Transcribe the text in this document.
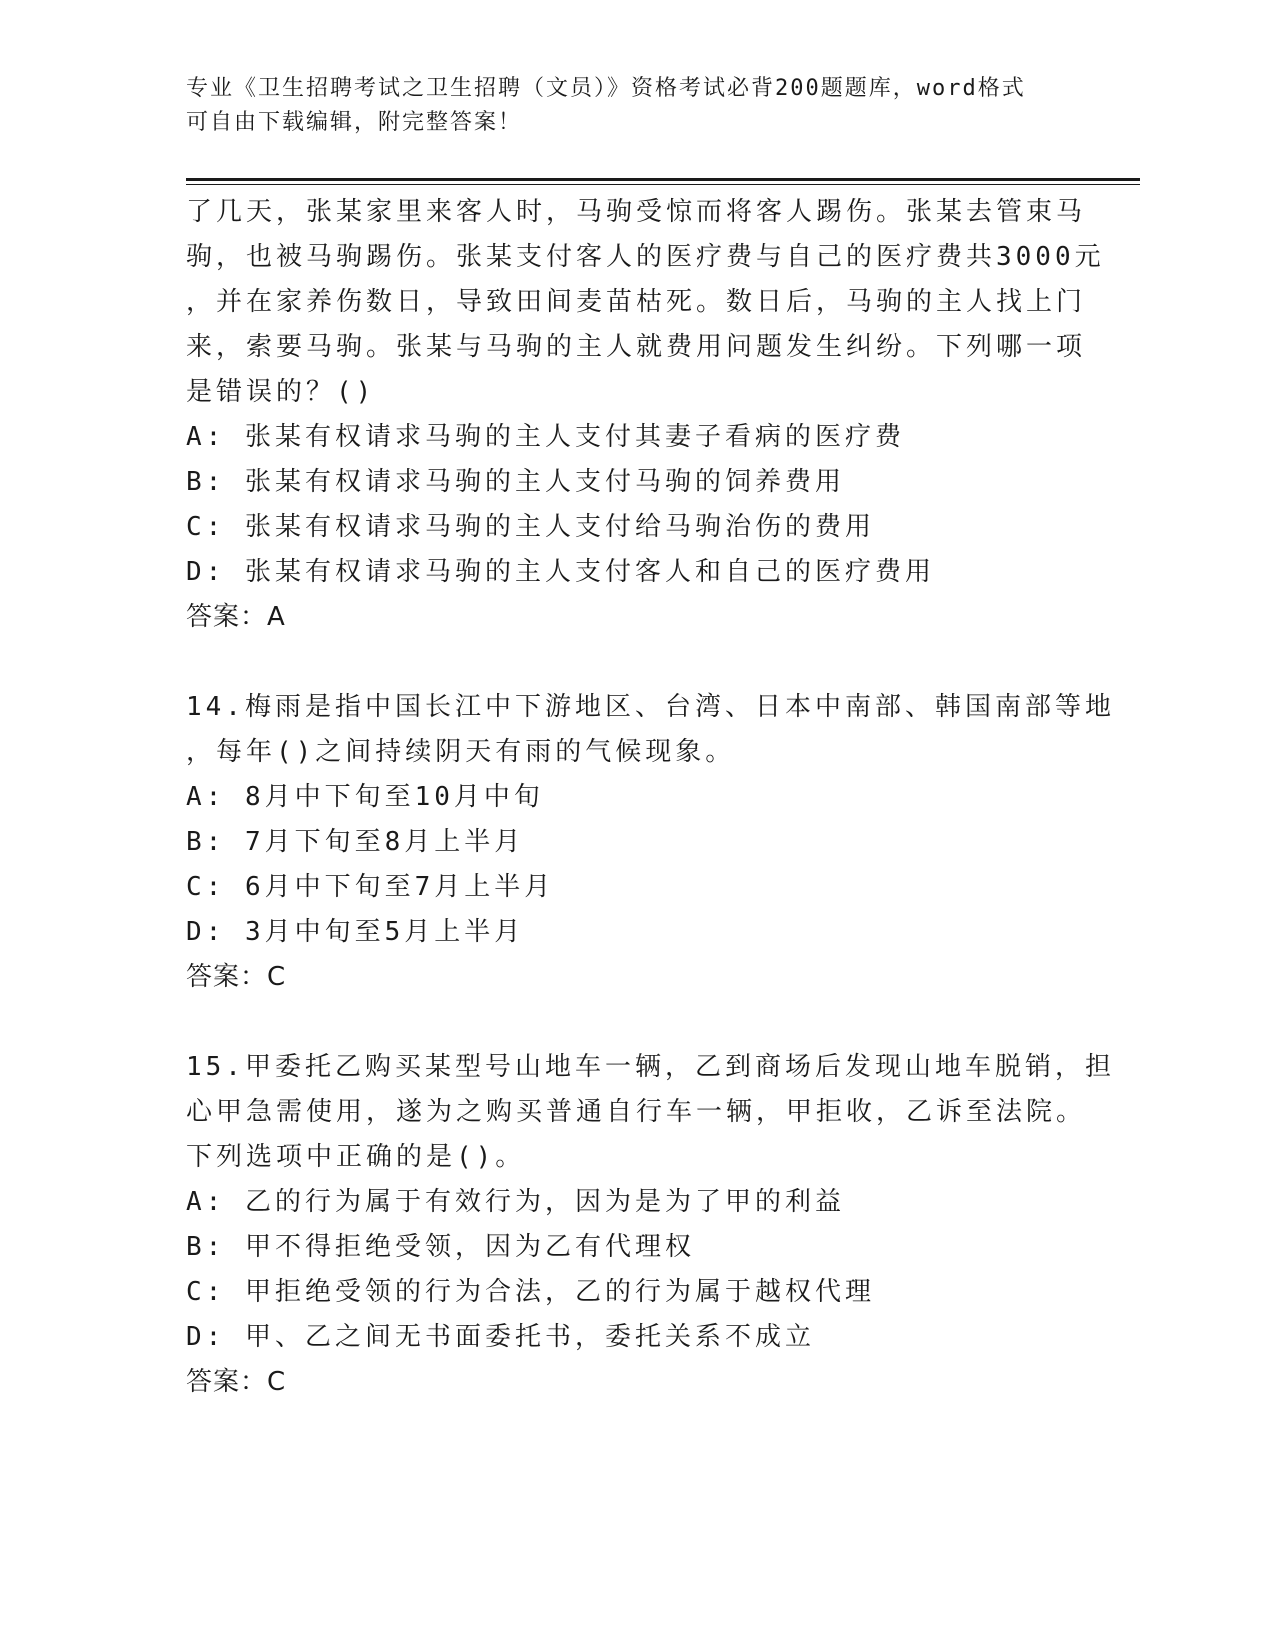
专业《卫生招聘考试之卫生招聘（文员）》资格考试必背200题题库，word格式
可自由下载编辑，附完整答案！
了几天，张某家里来客人时，马驹受惊而将客人踢伤。张某去管束马
驹，也被马驹踢伤。张某支付客人的医疗费与自己的医疗费共3000元
，并在家养伤数日，导致田间麦苗枯死。数日后，马驹的主人找上门
来，索要马驹。张某与马驹的主人就费用问题发生纠纷。下列哪一项
是错误的？()
A: 张某有权请求马驹的主人支付其妻子看病的医疗费
B: 张某有权请求马驹的主人支付马驹的饲养费用
C: 张某有权请求马驹的主人支付给马驹治伤的费用
D: 张某有权请求马驹的主人支付客人和自己的医疗费用
答案：A
14.梅雨是指中国长江中下游地区、台湾、日本中南部、韩国南部等地
，每年()之间持续阴天有雨的气候现象。
A: 8月中下旬至10月中旬
B: 7月下旬至8月上半月
C: 6月中下旬至7月上半月
D: 3月中旬至5月上半月
答案：C
15.甲委托乙购买某型号山地车一辆，乙到商场后发现山地车脱销，担
心甲急需使用，遂为之购买普通自行车一辆，甲拒收，乙诉至法院。
下列选项中正确的是()。
A: 乙的行为属于有效行为，因为是为了甲的利益
B: 甲不得拒绝受领，因为乙有代理权
C: 甲拒绝受领的行为合法，乙的行为属于越权代理
D: 甲、乙之间无书面委托书，委托关系不成立
答案：C
